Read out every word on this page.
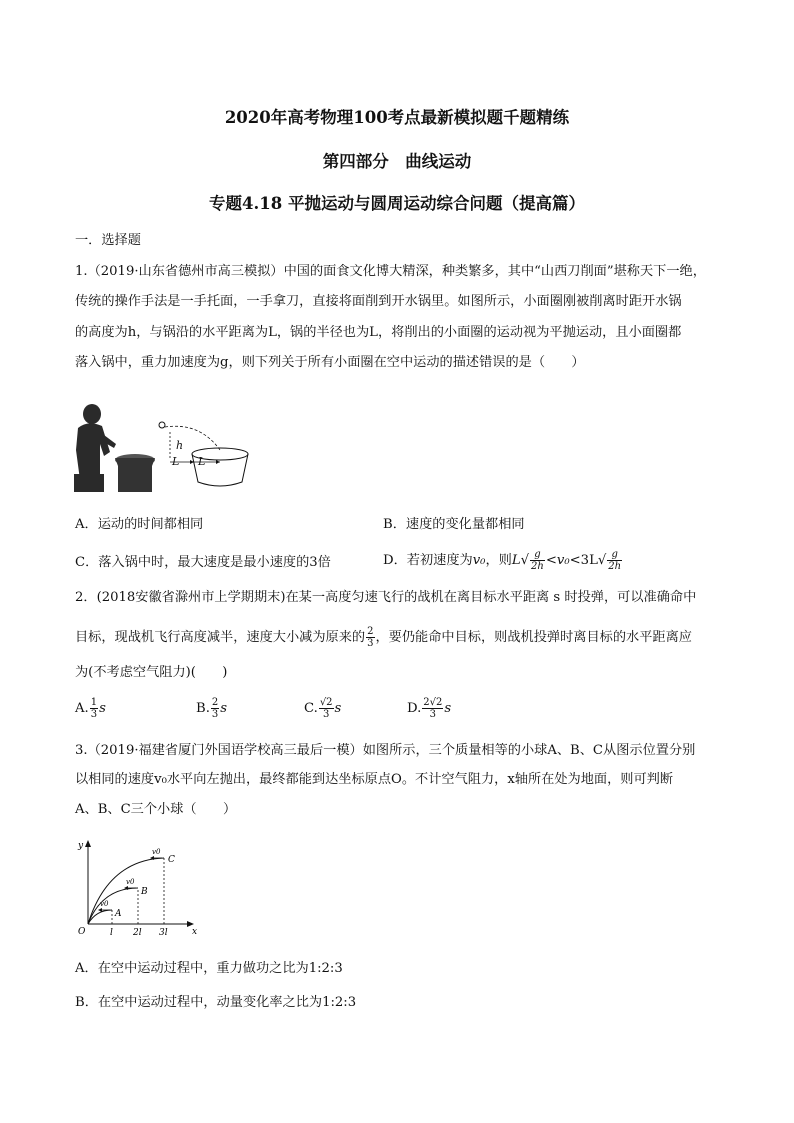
2020年高考物理100考点最新模拟题千题精练
第四部分　曲线运动
专题4.18 平抛运动与圆周运动综合问题（提高篇）
一．选择题
1.（2019·山东省德州市高三模拟）中国的面食文化博大精深，种类繁多，其中“山西刀削面”堪称天下一绝，
传统的操作手法是一手托面，一手拿刀，直接将面削到开水锅里。如图所示，小面圈刚被削离时距开水锅
的高度为h，与锅沿的水平距离为L，锅的半径也为L，将削出的小面圈的运动视为平抛运动，且小面圈都
落入锅中，重力加速度为g，则下列关于所有小面圈在空中运动的描述错误的是（　　）
h
L L
A．运动的时间都相同	B．速度的变化量都相同
C．落入锅中时，最大速度是最小速度的3倍	D．若初速度为v₀，则$L√ \frac{g}{2h} <v_0<3L√ \frac{g}{2h}$
2．(2018安徽省滁州市上学期期末)在某一高度匀速飞行的战机在离目标水平距离 s 时投弹，可以准确命中
目标，现战机飞行高度减半，速度大小减为原来的 $\frac{2}{3}$ ，要仍能命中目标，则战机投弹时离目标的水平距离应
为(不考虑空气阻力)(　　)
A. $\frac{1}{3}$ s	B. $\frac{2}{3}$ s	C. $\frac{√2}{3}$ s	D. $\frac{2√2}{3}$ s
3.（2019·福建省厦门外国语学校高三最后一模）如图所示，三个质量相等的小球A、B、C从图示位置分别
以相同的速度v₀水平向左抛出，最终都能到达坐标原点O。不计空气阻力，x轴所在处为地面，则可判断
A、B、C三个小球（　　）
y
x
O	l 2l 3l
A
B
C
v0
v0
v0
A．在空中运动过程中，重力做功之比为1:2:3
B．在空中运动过程中，动量变化率之比为1:2:3
